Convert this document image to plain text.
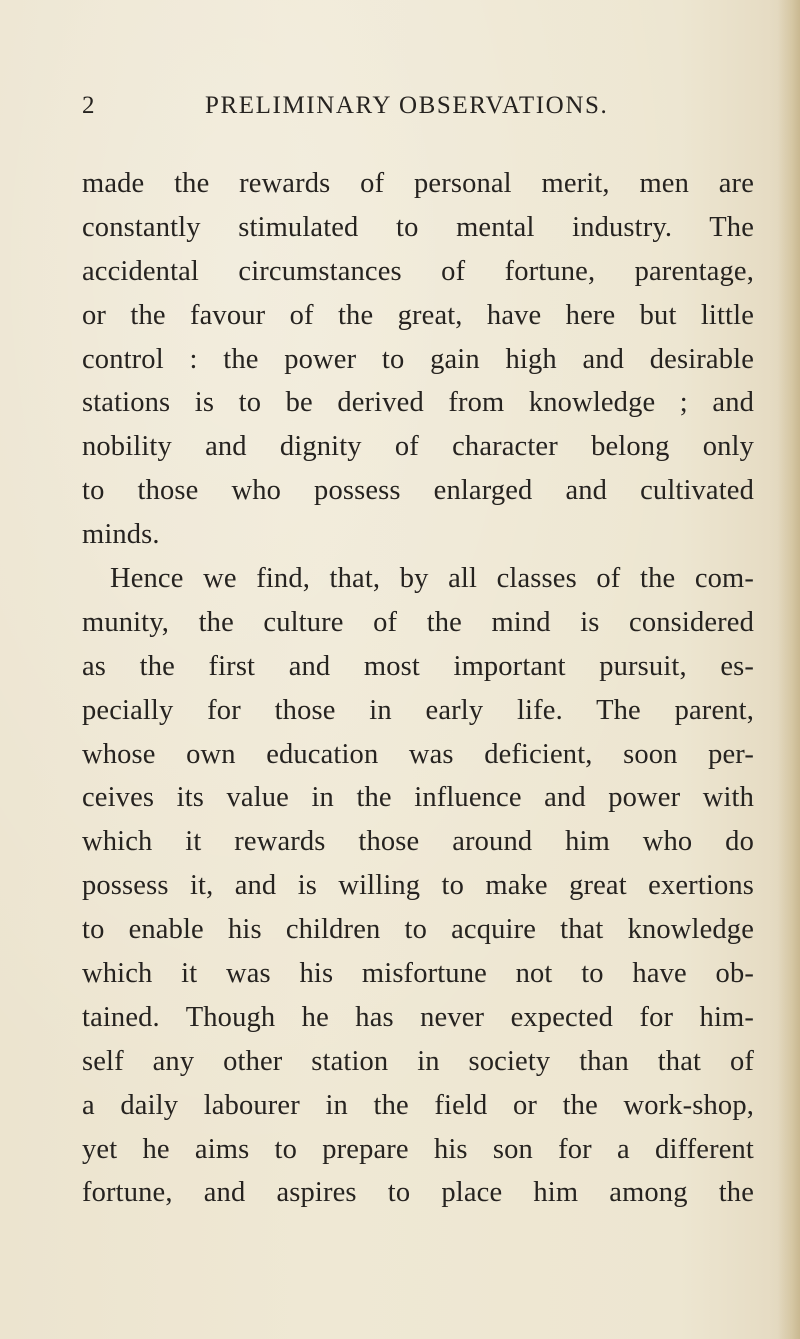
2	PRELIMINARY OBSERVATIONS.
made the rewards of personal merit, men are
constantly stimulated to mental industry. The
accidental circumstances of fortune, parentage,
or the favour of the great, have here but little
control : the power to gain high and desirable
stations is to be derived from knowledge ; and
nobility and dignity of character belong only
to those who possess enlarged and cultivated
minds.
Hence we find, that, by all classes of the com-
munity, the culture of the mind is considered
as the first and most important pursuit, es-
pecially for those in early life. The parent,
whose own education was deficient, soon per-
ceives its value in the influence and power with
which it rewards those around him who do
possess it, and is willing to make great exertions
to enable his children to acquire that knowledge
which it was his misfortune not to have ob-
tained. Though he has never expected for him-
self any other station in society than that of
a daily labourer in the field or the work-shop,
yet he aims to prepare his son for a different
fortune, and aspires to place him among the
